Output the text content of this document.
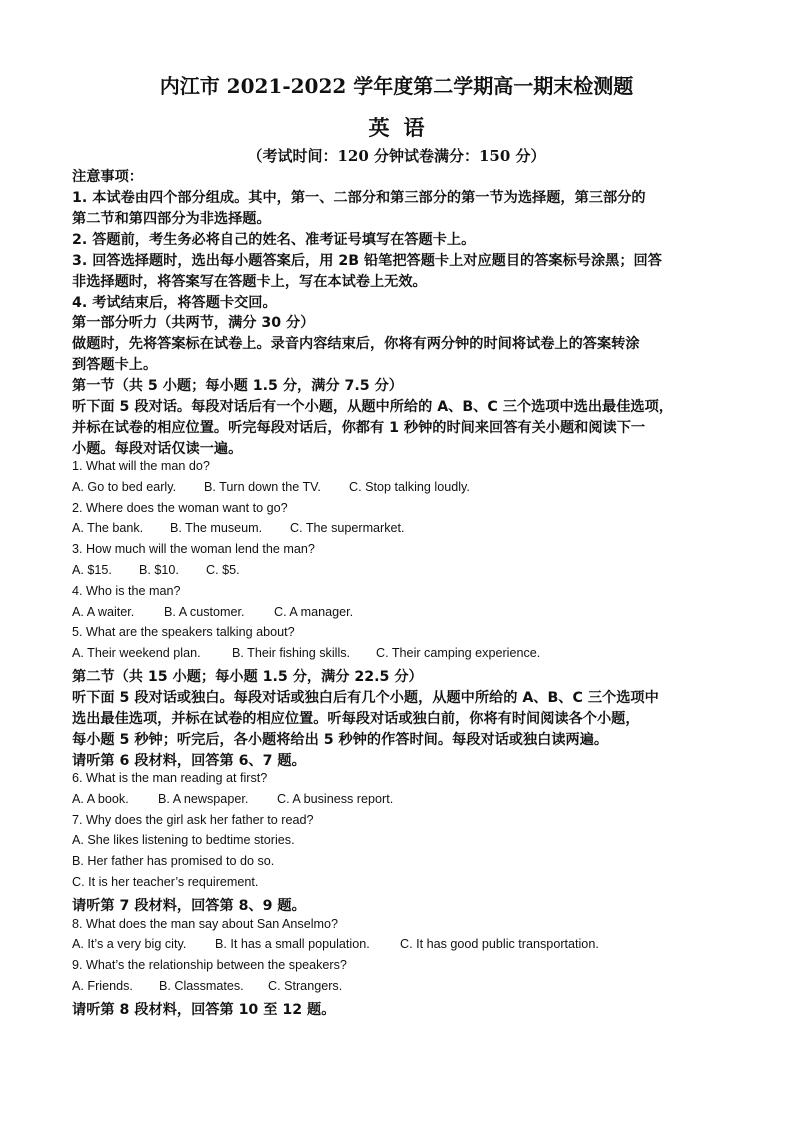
内江市 2021-2022 学年度第二学期高一期末检测题
英语
（考试时间：120 分钟试卷满分：150 分）
注意事项：
1. 本试卷由四个部分组成。其中，第一、二部分和第三部分的第一节为选择题，第三部分的
第二节和第四部分为非选择题。
2. 答题前，考生务必将自己的姓名、准考证号填写在答题卡上。
3. 回答选择题时，选出每小题答案后，用 2B 铅笔把答题卡上对应题目的答案标号涂黑；回答
非选择题时，将答案写在答题卡上，写在本试卷上无效。
4. 考试结束后，将答题卡交回。
第一部分听力（共两节，满分 30 分）
做题时，先将答案标在试卷上。录音内容结束后，你将有两分钟的时间将试卷上的答案转涂
到答题卡上。
第一节（共 5 小题；每小题 1.5 分，满分 7.5 分）
听下面 5 段对话。每段对话后有一个小题，从题中所给的 A、B、C 三个选项中选出最佳选项，
并标在试卷的相应位置。听完每段对话后，你都有 1 秒钟的时间来回答有关小题和阅读下一
小题。每段对话仅读一遍。
1. What will the man do?
A. Go to bed early. B. Turn down the TV. C. Stop talking loudly.
2. Where does the woman want to go?
A. The bank. B. The museum. C. The supermarket.
3. How much will the woman lend the man?
A. $15. B. $10. C. $5.
4. Who is the man?
A. A waiter. B. A customer. C. A manager.
5. What are the speakers talking about?
A. Their weekend plan. B. Their fishing skills. C. Their camping experience.
第二节（共 15 小题；每小题 1.5 分，满分 22.5 分）
听下面 5 段对话或独白。每段对话或独白后有几个小题，从题中所给的 A、B、C 三个选项中
选出最佳选项，并标在试卷的相应位置。听每段对话或独白前，你将有时间阅读各个小题，
每小题 5 秒钟；听完后，各小题将给出 5 秒钟的作答时间。每段对话或独白读两遍。
请听第 6 段材料，回答第 6、7 题。
6. What is the man reading at first?
A. A book. B. A newspaper. C. A business report.
7. Why does the girl ask her father to read?
A. She likes listening to bedtime stories.
B. Her father has promised to do so.
C. It is her teacher’s requirement.
请听第 7 段材料，回答第 8、9 题。
8. What does the man say about San Anselmo?
A. It’s a very big city. B. It has a small population. C. It has good public transportation.
9. What’s the relationship between the speakers?
A. Friends. B. Classmates. C. Strangers.
请听第 8 段材料，回答第 10 至 12 题。
